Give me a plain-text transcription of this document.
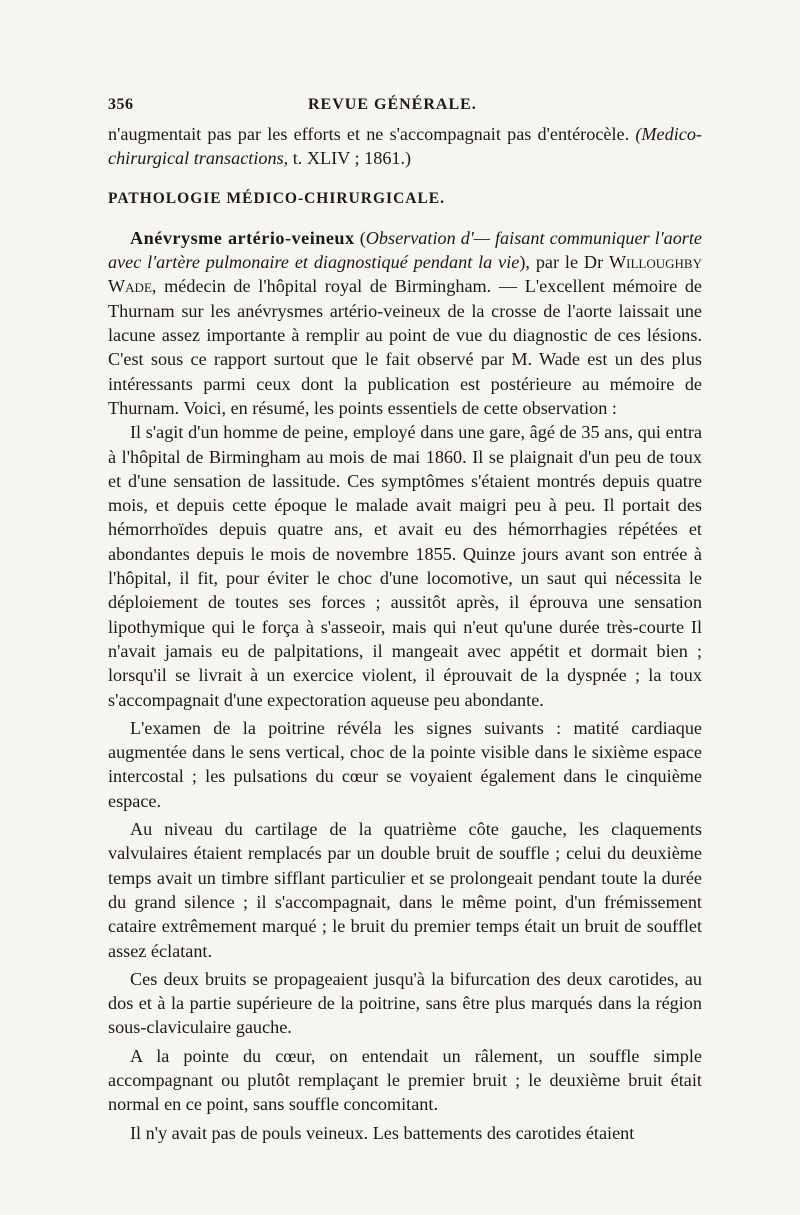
356	REVUE GÉNÉRALE.

n'augmentait pas par les efforts et ne s'accompagnait pas d'entérocèle. (Medico-chirurgical transactions, t. XLIV ; 1861.)

PATHOLOGIE MÉDICO-CHIRURGICALE.

Anévrysme artério-veineux (Observation d'— faisant communiquer l'aorte avec l'artère pulmonaire et diagnostiqué pendant la vie), par le Dr Willoughby Wade, médecin de l'hôpital royal de Birmingham. — L'excellent mémoire de Thurnam sur les anévrysmes artério-veineux de la crosse de l'aorte laissait une lacune assez importante à remplir au point de vue du diagnostic de ces lésions. C'est sous ce rapport surtout que le fait observé par M. Wade est un des plus intéressants parmi ceux dont la publication est postérieure au mémoire de Thurnam. Voici, en résumé, les points essentiels de cette observation :

Il s'agit d'un homme de peine, employé dans une gare, âgé de 35 ans, qui entra à l'hôpital de Birmingham au mois de mai 1860. Il se plaignait d'un peu de toux et d'une sensation de lassitude. Ces symptômes s'étaient montrés depuis quatre mois, et depuis cette époque le malade avait maigri peu à peu. Il portait des hémorrhoïdes depuis quatre ans, et avait eu des hémorrhagies répétées et abondantes depuis le mois de novembre 1855. Quinze jours avant son entrée à l'hôpital, il fit, pour éviter le choc d'une locomotive, un saut qui nécessita le déploiement de toutes ses forces ; aussitôt après, il éprouva une sensation lipothymique qui le força à s'asseoir, mais qui n'eut qu'une durée très-courte Il n'avait jamais eu de palpitations, il mangeait avec appétit et dormait bien ; lorsqu'il se livrait à un exercice violent, il éprouvait de la dyspnée ; la toux s'accompagnait d'une expectoration aqueuse peu abondante.

L'examen de la poitrine révéla les signes suivants : matité cardiaque augmentée dans le sens vertical, choc de la pointe visible dans le sixième espace intercostal ; les pulsations du cœur se voyaient également dans le cinquième espace.

Au niveau du cartilage de la quatrième côte gauche, les claquements valvulaires étaient remplacés par un double bruit de souffle ; celui du deuxième temps avait un timbre sifflant particulier et se prolongeait pendant toute la durée du grand silence ; il s'accompagnait, dans le même point, d'un frémissement cataire extrêmement marqué ; le bruit du premier temps était un bruit de soufflet assez éclatant.

Ces deux bruits se propageaient jusqu'à la bifurcation des deux carotides, au dos et à la partie supérieure de la poitrine, sans être plus marqués dans la région sous-claviculaire gauche.

A la pointe du cœur, on entendait un râlement, un souffle simple accompagnant ou plutôt remplaçant le premier bruit ; le deuxième bruit était normal en ce point, sans souffle concomitant.

Il n'y avait pas de pouls veineux. Les battements des carotides étaient
